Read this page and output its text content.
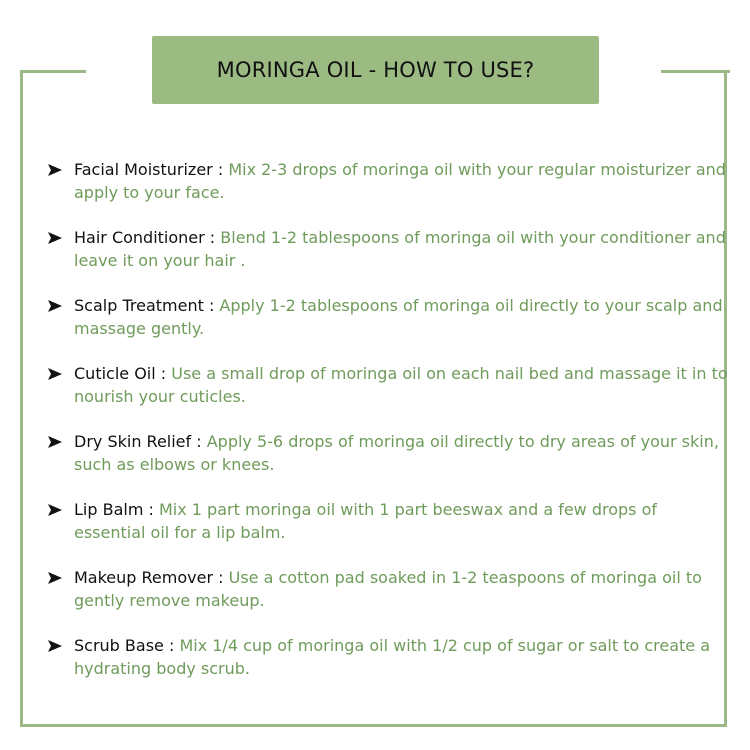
MORINGA OIL - HOW TO USE?
Facial Moisturizer : Mix 2-3 drops of moringa oil with your regular moisturizer and apply to your face.
Hair Conditioner : Blend 1-2 tablespoons of moringa oil with your conditioner and leave it on your hair .
Scalp Treatment : Apply 1-2 tablespoons of moringa oil directly to your scalp and massage gently.
Cuticle Oil : Use a small drop of moringa oil on each nail bed and massage it in to nourish your cuticles.
Dry Skin Relief : Apply 5-6 drops of moringa oil directly to dry areas of your skin, such as elbows or knees.
Lip Balm : Mix 1 part moringa oil with 1 part beeswax and a few drops of essential oil for a lip balm.
Makeup Remover : Use a cotton pad soaked in 1-2 teaspoons of moringa oil to gently remove makeup.
Scrub Base : Mix 1/4 cup of moringa oil with 1/2 cup of sugar or salt to create a hydrating body scrub.
